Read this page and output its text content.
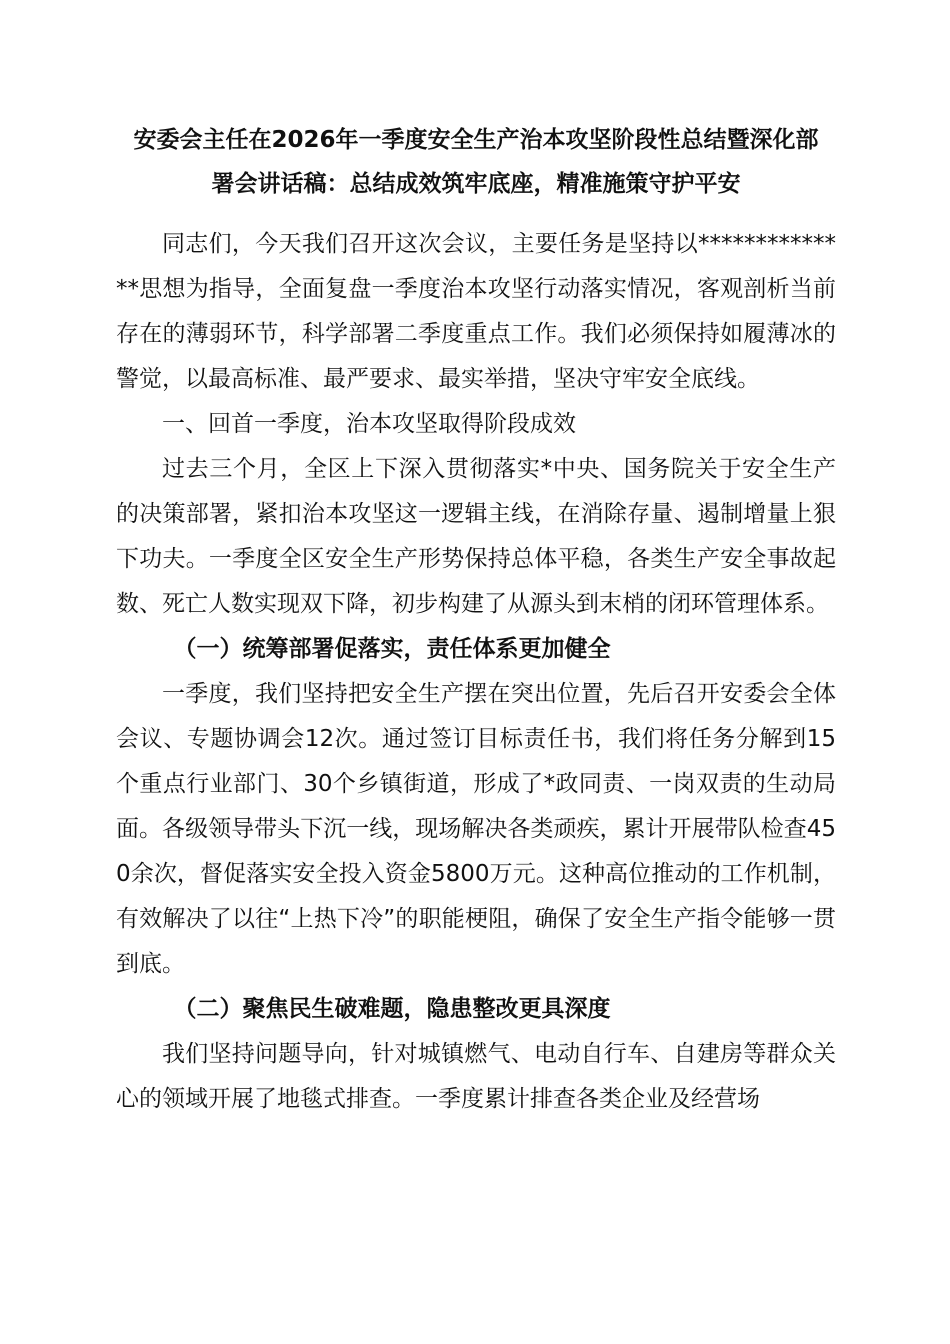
安委会主任在2026年一季度安全生产治本攻坚阶段性总结暨深化部
署会讲话稿：总结成效筑牢底座，精准施策守护平安

同志们，今天我们召开这次会议，主要任务是坚持以**************思想为指导，全面复盘一季度治本攻坚行动落实情况，客观剖析当前存在的薄弱环节，科学部署二季度重点工作。我们必须保持如履薄冰的警觉，以最高标准、最严要求、最实举措，坚决守牢安全底线。

一、回首一季度，治本攻坚取得阶段成效

过去三个月，全区上下深入贯彻落实*中央、国务院关于安全生产的决策部署，紧扣治本攻坚这一逻辑主线，在消除存量、遏制增量上狠下功夫。一季度全区安全生产形势保持总体平稳，各类生产安全事故起数、死亡人数实现双下降，初步构建了从源头到末梢的闭环管理体系。

（一）统筹部署促落实，责任体系更加健全

一季度，我们坚持把安全生产摆在突出位置，先后召开安委会全体会议、专题协调会12次。通过签订目标责任书，我们将任务分解到15个重点行业部门、30个乡镇街道，形成了*政同责、一岗双责的生动局面。各级领导带头下沉一线，现场解决各类顽疾，累计开展带队检查450余次，督促落实安全投入资金5800万元。这种高位推动的工作机制，有效解决了以往“上热下冷”的职能梗阻，确保了安全生产指令能够一贯到底。

（二）聚焦民生破难题，隐患整改更具深度

我们坚持问题导向，针对城镇燃气、电动自行车、自建房等群众关心的领域开展了地毯式排查。一季度累计排查各类企业及经营场
